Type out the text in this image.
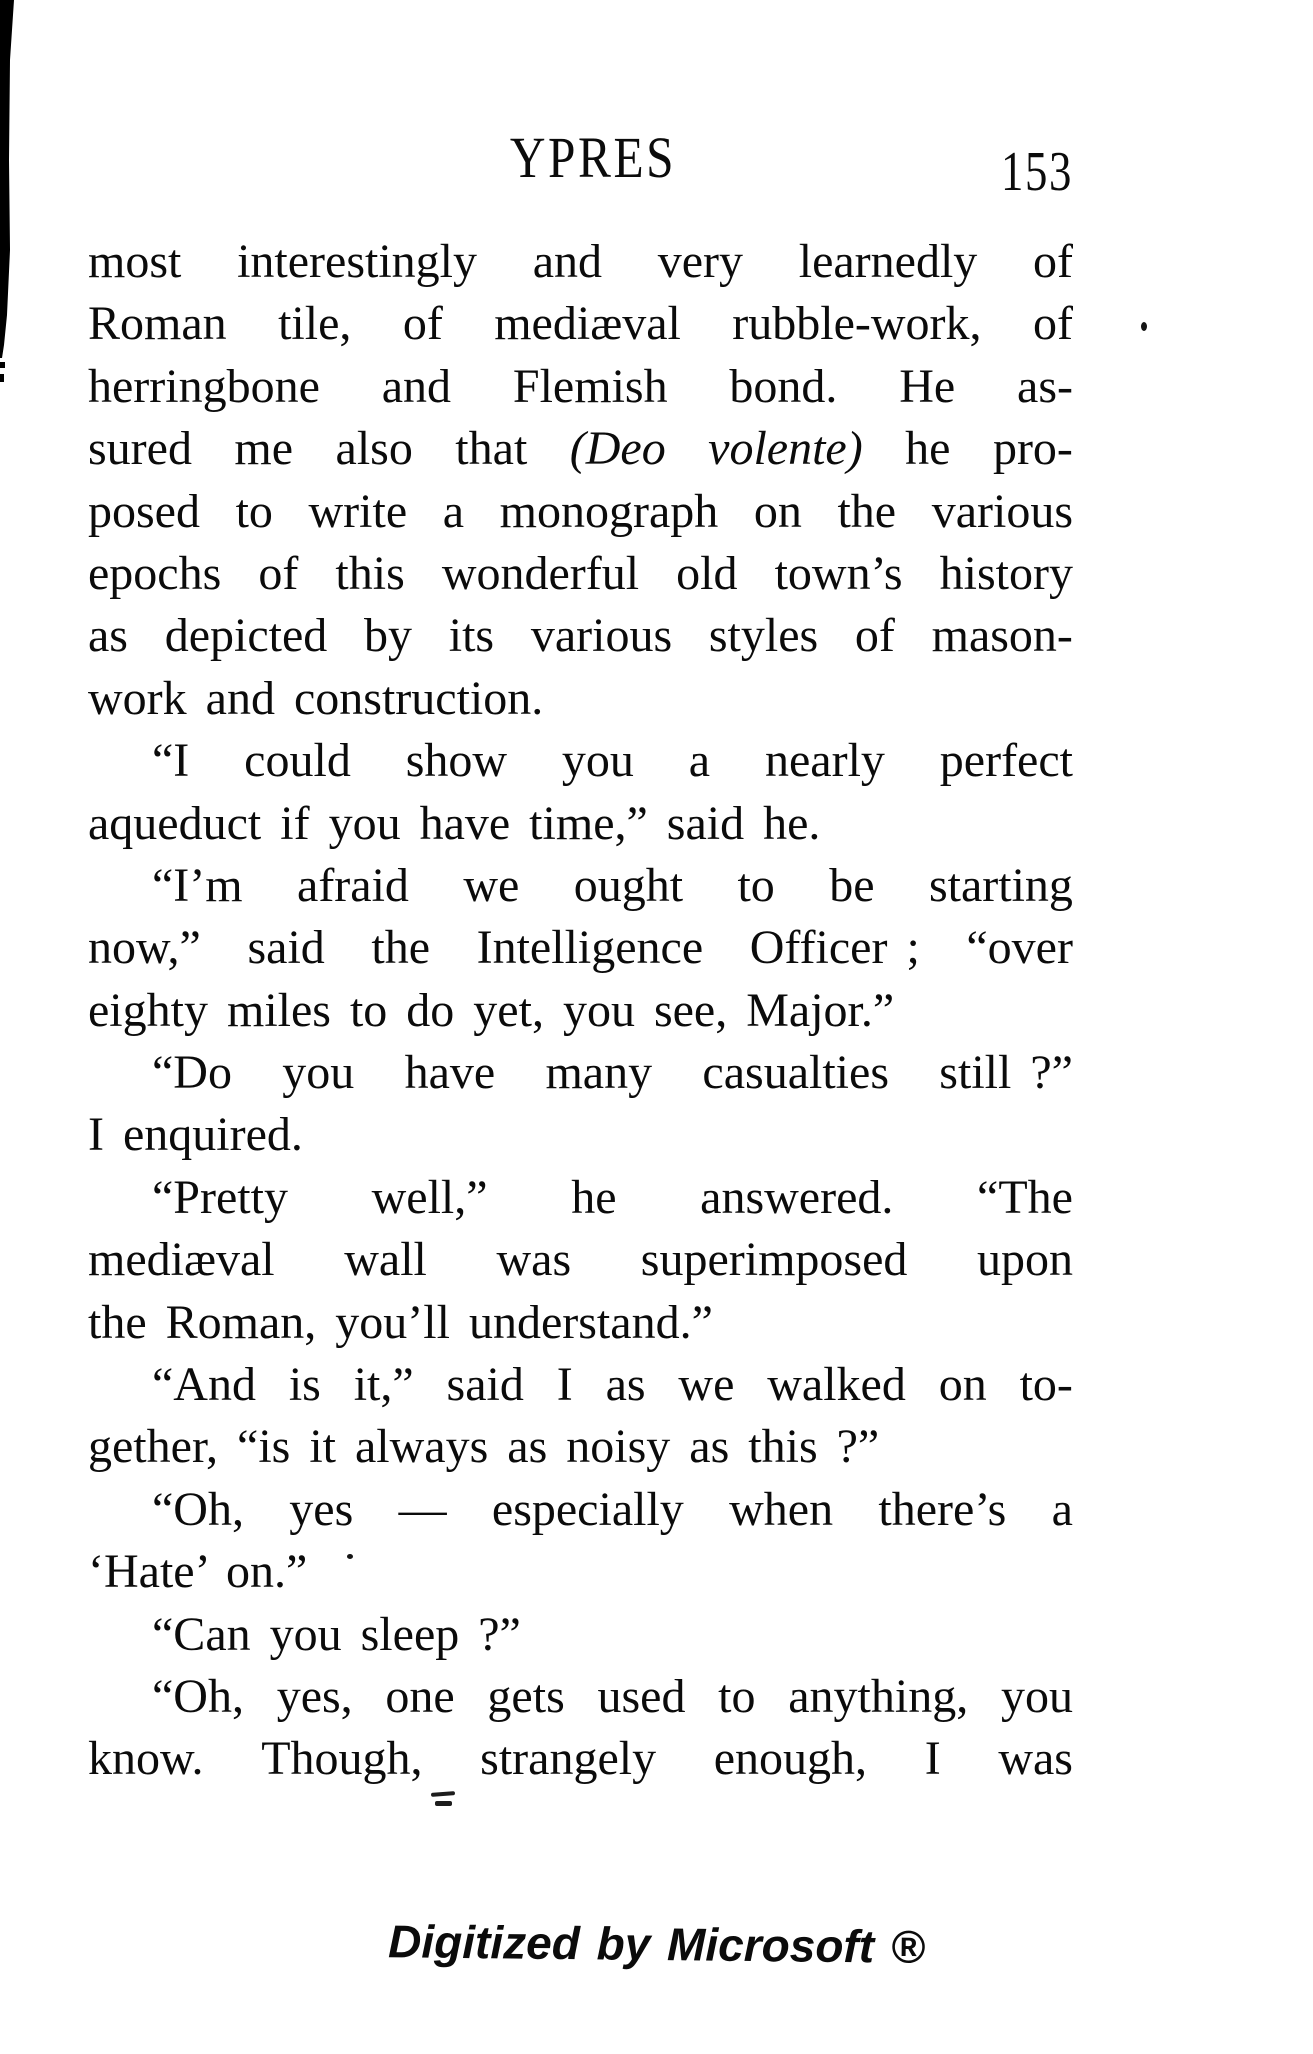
YPRES	153
most interestingly and very learnedly of
Roman tile, of mediæval rubble-work, of
herringbone and Flemish bond. He as-
sured me also that (Deo volente) he pro-
posed to write a monograph on the various
epochs of this wonderful old town’s history
as depicted by its various styles of mason-
work and construction.
“I could show you a nearly perfect
aqueduct if you have time,” said he.
“I’m afraid we ought to be starting
now,” said the Intelligence Officer ; “over
eighty miles to do yet, you see, Major.”
“Do you have many casualties still ?”
I enquired.
“Pretty well,” he answered. “The
mediæval wall was superimposed upon
the Roman, you’ll understand.”
“And is it,” said I as we walked on to-
gether, “is it always as noisy as this ?”
“Oh, yes — especially when there’s a
‘Hate’ on.”
“Can you sleep ?”
“Oh, yes, one gets used to anything, you
know. Though, strangely enough, I was
Digitized by Microsoft ®
